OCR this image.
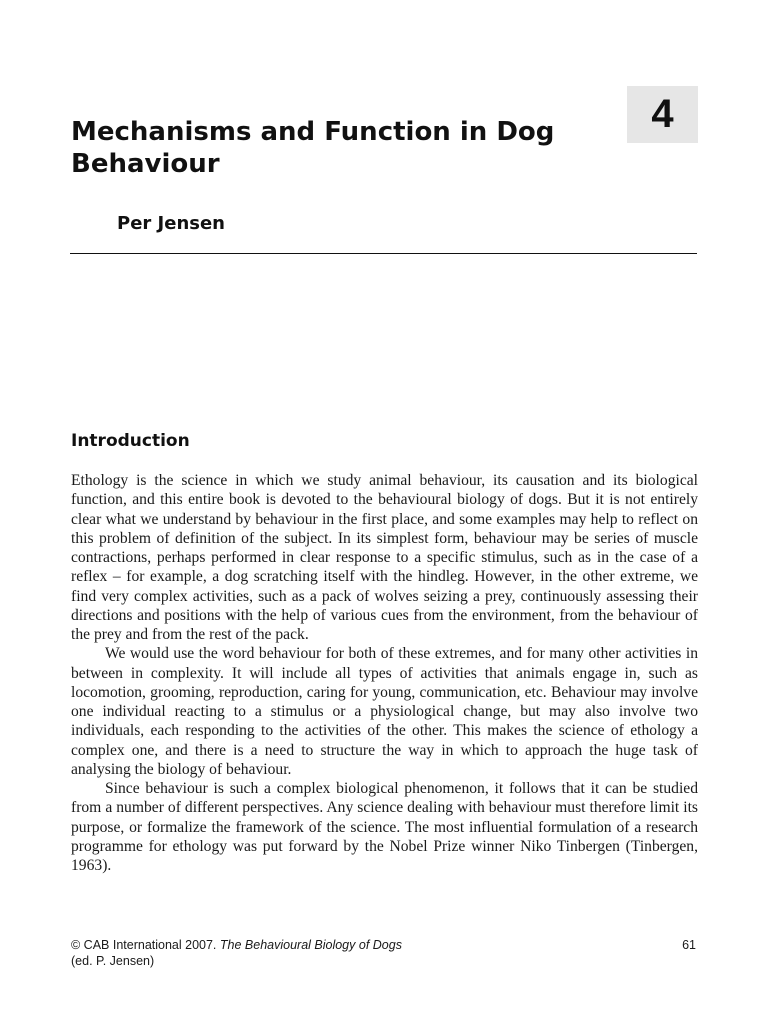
4
Mechanisms and Function in Dog Behaviour
Per Jensen
Introduction

Ethology is the science in which we study animal behaviour, its causation and its biological function, and this entire book is devoted to the behavioural biology of dogs. But it is not entirely clear what we understand by behaviour in the first place, and some examples may help to reflect on this problem of definition of the subject. In its simplest form, behaviour may be series of muscle contractions, perhaps performed in clear response to a specific stimulus, such as in the case of a reflex – for example, a dog scratching itself with the hindleg. However, in the other extreme, we find very complex activities, such as a pack of wolves seizing a prey, continuously assessing their directions and positions with the help of various cues from the environment, from the behaviour of the prey and from the rest of the pack.

We would use the word behaviour for both of these extremes, and for many other activities in between in complexity. It will include all types of activities that animals engage in, such as locomotion, grooming, reproduction, caring for young, communication, etc. Behaviour may involve one individual reacting to a stimulus or a physiological change, but may also involve two individuals, each responding to the activities of the other. This makes the science of ethology a complex one, and there is a need to structure the way in which to approach the huge task of analysing the biology of behaviour.

Since behaviour is such a complex biological phenomenon, it follows that it can be studied from a number of different perspectives. Any science dealing with behaviour must therefore limit its purpose, or formalize the framework of the science. The most influential formulation of a research programme for ethology was put forward by the Nobel Prize winner Niko Tinbergen (Tinbergen, 1963).

© CAB International 2007. The Behavioural Biology of Dogs
(ed. P. Jensen)
61
